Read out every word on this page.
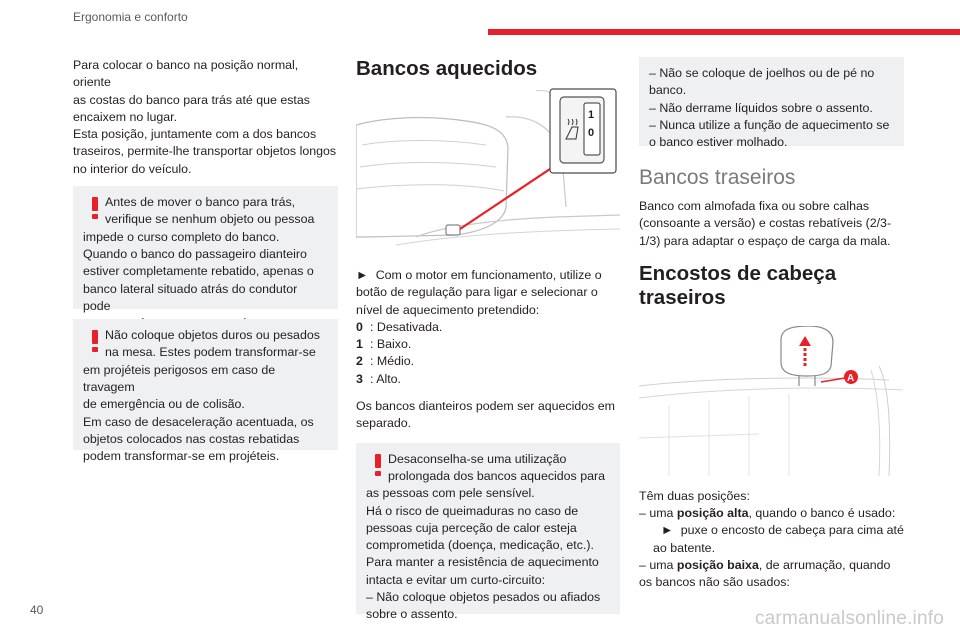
Ergonomia e conforto
Para colocar o banco na posição normal, oriente
as costas do banco para trás até que estas
encaixem no lugar.
Esta posição, juntamente com a dos bancos
traseiros, permite-lhe transportar objetos longos
no interior do veículo.
Antes de mover o banco para trás,
verifique se nenhum objeto ou pessoa
impede o curso completo do banco.
Quando o banco do passageiro dianteiro
estiver completamente rebatido, apenas o
banco lateral situado atrás do condutor pode
Não coloque objetos duros ou pesados
na mesa. Estes podem transformar-se
em projéteis perigosos em caso de travagem
de emergência ou de colisão.
Em caso de desaceleração acentuada, os
objetos colocados nas costas rebatidas
podem transformar-se em projéteis.
Bancos aquecidos
1
0
► Com o motor em funcionamento, utilize o
botão de regulação para ligar e selecionar o
nível de aquecimento pretendido:
0 : Desativada.
1 : Baixo.
2 : Médio.
3 : Alto.
Os bancos dianteiros podem ser aquecidos em
separado.
Desaconselha-se uma utilização
prolongada dos bancos aquecidos para
as pessoas com pele sensível.
Há o risco de queimaduras no caso de
pessoas cuja perceção de calor esteja
comprometida (doença, medicação, etc.).
Para manter a resistência de aquecimento
intacta e evitar um curto-circuito:
– Não coloque objetos pesados ou afiados
sobre o assento.
– Não se coloque de joelhos ou de pé no
banco.
– Não derrame líquidos sobre o assento.
– Nunca utilize a função de aquecimento se
o banco estiver molhado.
Bancos traseiros
Banco com almofada fixa ou sobre calhas
(consoante a versão) e costas rebatíveis (2/3-
1/3) para adaptar o espaço de carga da mala.
Encostos de cabeça
traseiros
A
Têm duas posições:
– uma posição alta, quando o banco é usado:
► puxe o encosto de cabeça para cima até
ao batente.
– uma posição baixa, de arrumação, quando
os bancos não são usados:
40	carmanualsonline.info
